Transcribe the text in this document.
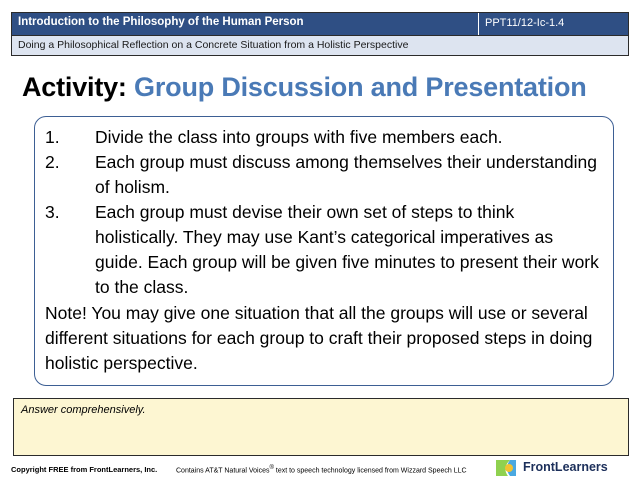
Introduction to the Philosophy of the Human Person	PPT11/12-Ic-1.4
Doing a Philosophical Reflection on a Concrete Situation from a Holistic Perspective
Activity: Group Discussion and Presentation
1.	Divide the class into groups with five members each.
2.	Each group must discuss among themselves their understanding of holism.
3.	Each group must devise their own set of steps to think holistically. They may use Kant’s categorical imperatives as guide. Each group will be given five minutes to present their work to the class.
Note! You may give one situation that all the groups will use or several different situations for each group to craft their proposed steps in doing holistic perspective.
Answer comprehensively.
Copyright FREE from FrontLearners, Inc.	Contains AT&T Natural Voices® text to speech technology licensed from Wizzard Speech LLC	FrontLearners
